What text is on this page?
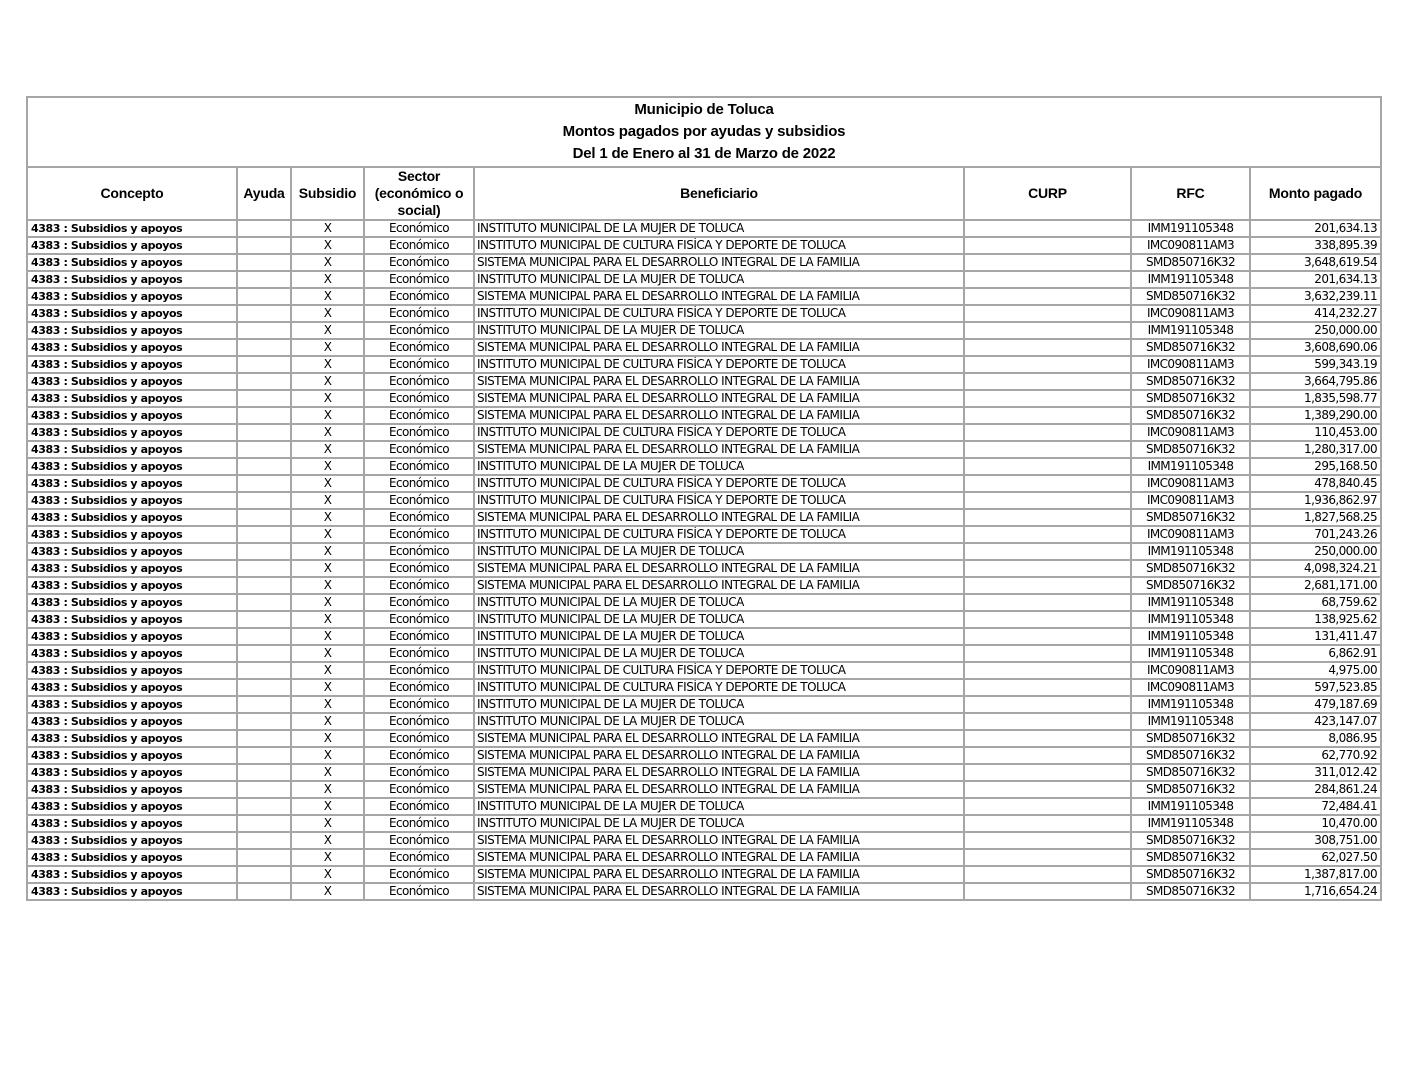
Municipio de Toluca
Montos pagados por ayudas y subsidios
Del 1 de Enero al 31 de Marzo de 2022
Concepto	Ayuda	Subsidio	Sector (económico o social)	Beneficiario	CURP	RFC	Monto pagado
4383 : Subsidios y apoyos		X	Económico	INSTITUTO MUNICIPAL DE LA MUJER DE TOLUCA		IMM191105348	201,634.13
4383 : Subsidios y apoyos		X	Económico	INSTITUTO MUNICIPAL DE CULTURA FISÍCA Y DEPORTE DE TOLUCA		IMC090811AM3	338,895.39
4383 : Subsidios y apoyos		X	Económico	SISTEMA MUNICIPAL PARA EL DESARROLLO INTEGRAL DE LA FAMILIA		SMD850716K32	3,648,619.54
4383 : Subsidios y apoyos		X	Económico	INSTITUTO MUNICIPAL DE LA MUJER DE TOLUCA		IMM191105348	201,634.13
4383 : Subsidios y apoyos		X	Económico	SISTEMA MUNICIPAL PARA EL DESARROLLO INTEGRAL DE LA FAMILIA		SMD850716K32	3,632,239.11
4383 : Subsidios y apoyos		X	Económico	INSTITUTO MUNICIPAL DE CULTURA FISÍCA Y DEPORTE DE TOLUCA		IMC090811AM3	414,232.27
4383 : Subsidios y apoyos		X	Económico	INSTITUTO MUNICIPAL DE LA MUJER DE TOLUCA		IMM191105348	250,000.00
4383 : Subsidios y apoyos		X	Económico	SISTEMA MUNICIPAL PARA EL DESARROLLO INTEGRAL DE LA FAMILIA		SMD850716K32	3,608,690.06
4383 : Subsidios y apoyos		X	Económico	INSTITUTO MUNICIPAL DE CULTURA FISÍCA Y DEPORTE DE TOLUCA		IMC090811AM3	599,343.19
4383 : Subsidios y apoyos		X	Económico	SISTEMA MUNICIPAL PARA EL DESARROLLO INTEGRAL DE LA FAMILIA		SMD850716K32	3,664,795.86
4383 : Subsidios y apoyos		X	Económico	SISTEMA MUNICIPAL PARA EL DESARROLLO INTEGRAL DE LA FAMILIA		SMD850716K32	1,835,598.77
4383 : Subsidios y apoyos		X	Económico	SISTEMA MUNICIPAL PARA EL DESARROLLO INTEGRAL DE LA FAMILIA		SMD850716K32	1,389,290.00
4383 : Subsidios y apoyos		X	Económico	INSTITUTO MUNICIPAL DE CULTURA FISÍCA Y DEPORTE DE TOLUCA		IMC090811AM3	110,453.00
4383 : Subsidios y apoyos		X	Económico	SISTEMA MUNICIPAL PARA EL DESARROLLO INTEGRAL DE LA FAMILIA		SMD850716K32	1,280,317.00
4383 : Subsidios y apoyos		X	Económico	INSTITUTO MUNICIPAL DE LA MUJER DE TOLUCA		IMM191105348	295,168.50
4383 : Subsidios y apoyos		X	Económico	INSTITUTO MUNICIPAL DE CULTURA FISÍCA Y DEPORTE DE TOLUCA		IMC090811AM3	478,840.45
4383 : Subsidios y apoyos		X	Económico	INSTITUTO MUNICIPAL DE CULTURA FISÍCA Y DEPORTE DE TOLUCA		IMC090811AM3	1,936,862.97
4383 : Subsidios y apoyos		X	Económico	SISTEMA MUNICIPAL PARA EL DESARROLLO INTEGRAL DE LA FAMILIA		SMD850716K32	1,827,568.25
4383 : Subsidios y apoyos		X	Económico	INSTITUTO MUNICIPAL DE CULTURA FISÍCA Y DEPORTE DE TOLUCA		IMC090811AM3	701,243.26
4383 : Subsidios y apoyos		X	Económico	INSTITUTO MUNICIPAL DE LA MUJER DE TOLUCA		IMM191105348	250,000.00
4383 : Subsidios y apoyos		X	Económico	SISTEMA MUNICIPAL PARA EL DESARROLLO INTEGRAL DE LA FAMILIA		SMD850716K32	4,098,324.21
4383 : Subsidios y apoyos		X	Económico	SISTEMA MUNICIPAL PARA EL DESARROLLO INTEGRAL DE LA FAMILIA		SMD850716K32	2,681,171.00
4383 : Subsidios y apoyos		X	Económico	INSTITUTO MUNICIPAL DE LA MUJER DE TOLUCA		IMM191105348	68,759.62
4383 : Subsidios y apoyos		X	Económico	INSTITUTO MUNICIPAL DE LA MUJER DE TOLUCA		IMM191105348	138,925.62
4383 : Subsidios y apoyos		X	Económico	INSTITUTO MUNICIPAL DE LA MUJER DE TOLUCA		IMM191105348	131,411.47
4383 : Subsidios y apoyos		X	Económico	INSTITUTO MUNICIPAL DE LA MUJER DE TOLUCA		IMM191105348	6,862.91
4383 : Subsidios y apoyos		X	Económico	INSTITUTO MUNICIPAL DE CULTURA FISÍCA Y DEPORTE DE TOLUCA		IMC090811AM3	4,975.00
4383 : Subsidios y apoyos		X	Económico	INSTITUTO MUNICIPAL DE CULTURA FISÍCA Y DEPORTE DE TOLUCA		IMC090811AM3	597,523.85
4383 : Subsidios y apoyos		X	Económico	INSTITUTO MUNICIPAL DE LA MUJER DE TOLUCA		IMM191105348	479,187.69
4383 : Subsidios y apoyos		X	Económico	INSTITUTO MUNICIPAL DE LA MUJER DE TOLUCA		IMM191105348	423,147.07
4383 : Subsidios y apoyos		X	Económico	SISTEMA MUNICIPAL PARA EL DESARROLLO INTEGRAL DE LA FAMILIA		SMD850716K32	8,086.95
4383 : Subsidios y apoyos		X	Económico	SISTEMA MUNICIPAL PARA EL DESARROLLO INTEGRAL DE LA FAMILIA		SMD850716K32	62,770.92
4383 : Subsidios y apoyos		X	Económico	SISTEMA MUNICIPAL PARA EL DESARROLLO INTEGRAL DE LA FAMILIA		SMD850716K32	311,012.42
4383 : Subsidios y apoyos		X	Económico	SISTEMA MUNICIPAL PARA EL DESARROLLO INTEGRAL DE LA FAMILIA		SMD850716K32	284,861.24
4383 : Subsidios y apoyos		X	Económico	INSTITUTO MUNICIPAL DE LA MUJER DE TOLUCA		IMM191105348	72,484.41
4383 : Subsidios y apoyos		X	Económico	INSTITUTO MUNICIPAL DE LA MUJER DE TOLUCA		IMM191105348	10,470.00
4383 : Subsidios y apoyos		X	Económico	SISTEMA MUNICIPAL PARA EL DESARROLLO INTEGRAL DE LA FAMILIA		SMD850716K32	308,751.00
4383 : Subsidios y apoyos		X	Económico	SISTEMA MUNICIPAL PARA EL DESARROLLO INTEGRAL DE LA FAMILIA		SMD850716K32	62,027.50
4383 : Subsidios y apoyos		X	Económico	SISTEMA MUNICIPAL PARA EL DESARROLLO INTEGRAL DE LA FAMILIA		SMD850716K32	1,387,817.00
4383 : Subsidios y apoyos		X	Económico	SISTEMA MUNICIPAL PARA EL DESARROLLO INTEGRAL DE LA FAMILIA		SMD850716K32	1,716,654.24
